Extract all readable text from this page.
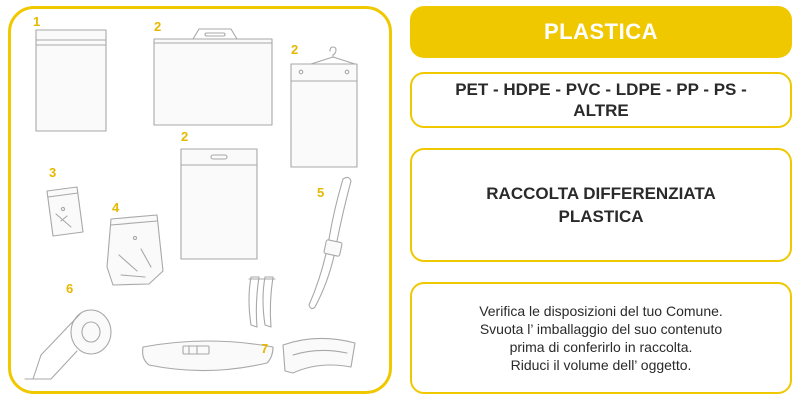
1	2
2
2
3
4
5
6
7
PLASTICA
PET - HDPE - PVC - LDPE - PP - PS - ALTRE
RACCOLTA DIFFERENZIATA PLASTICA
Verifica le disposizioni del tuo Comune.
Svuota l’ imballaggio del suo contenuto
prima di conferirlo in raccolta.
Riduci il volume dell’ oggetto.
